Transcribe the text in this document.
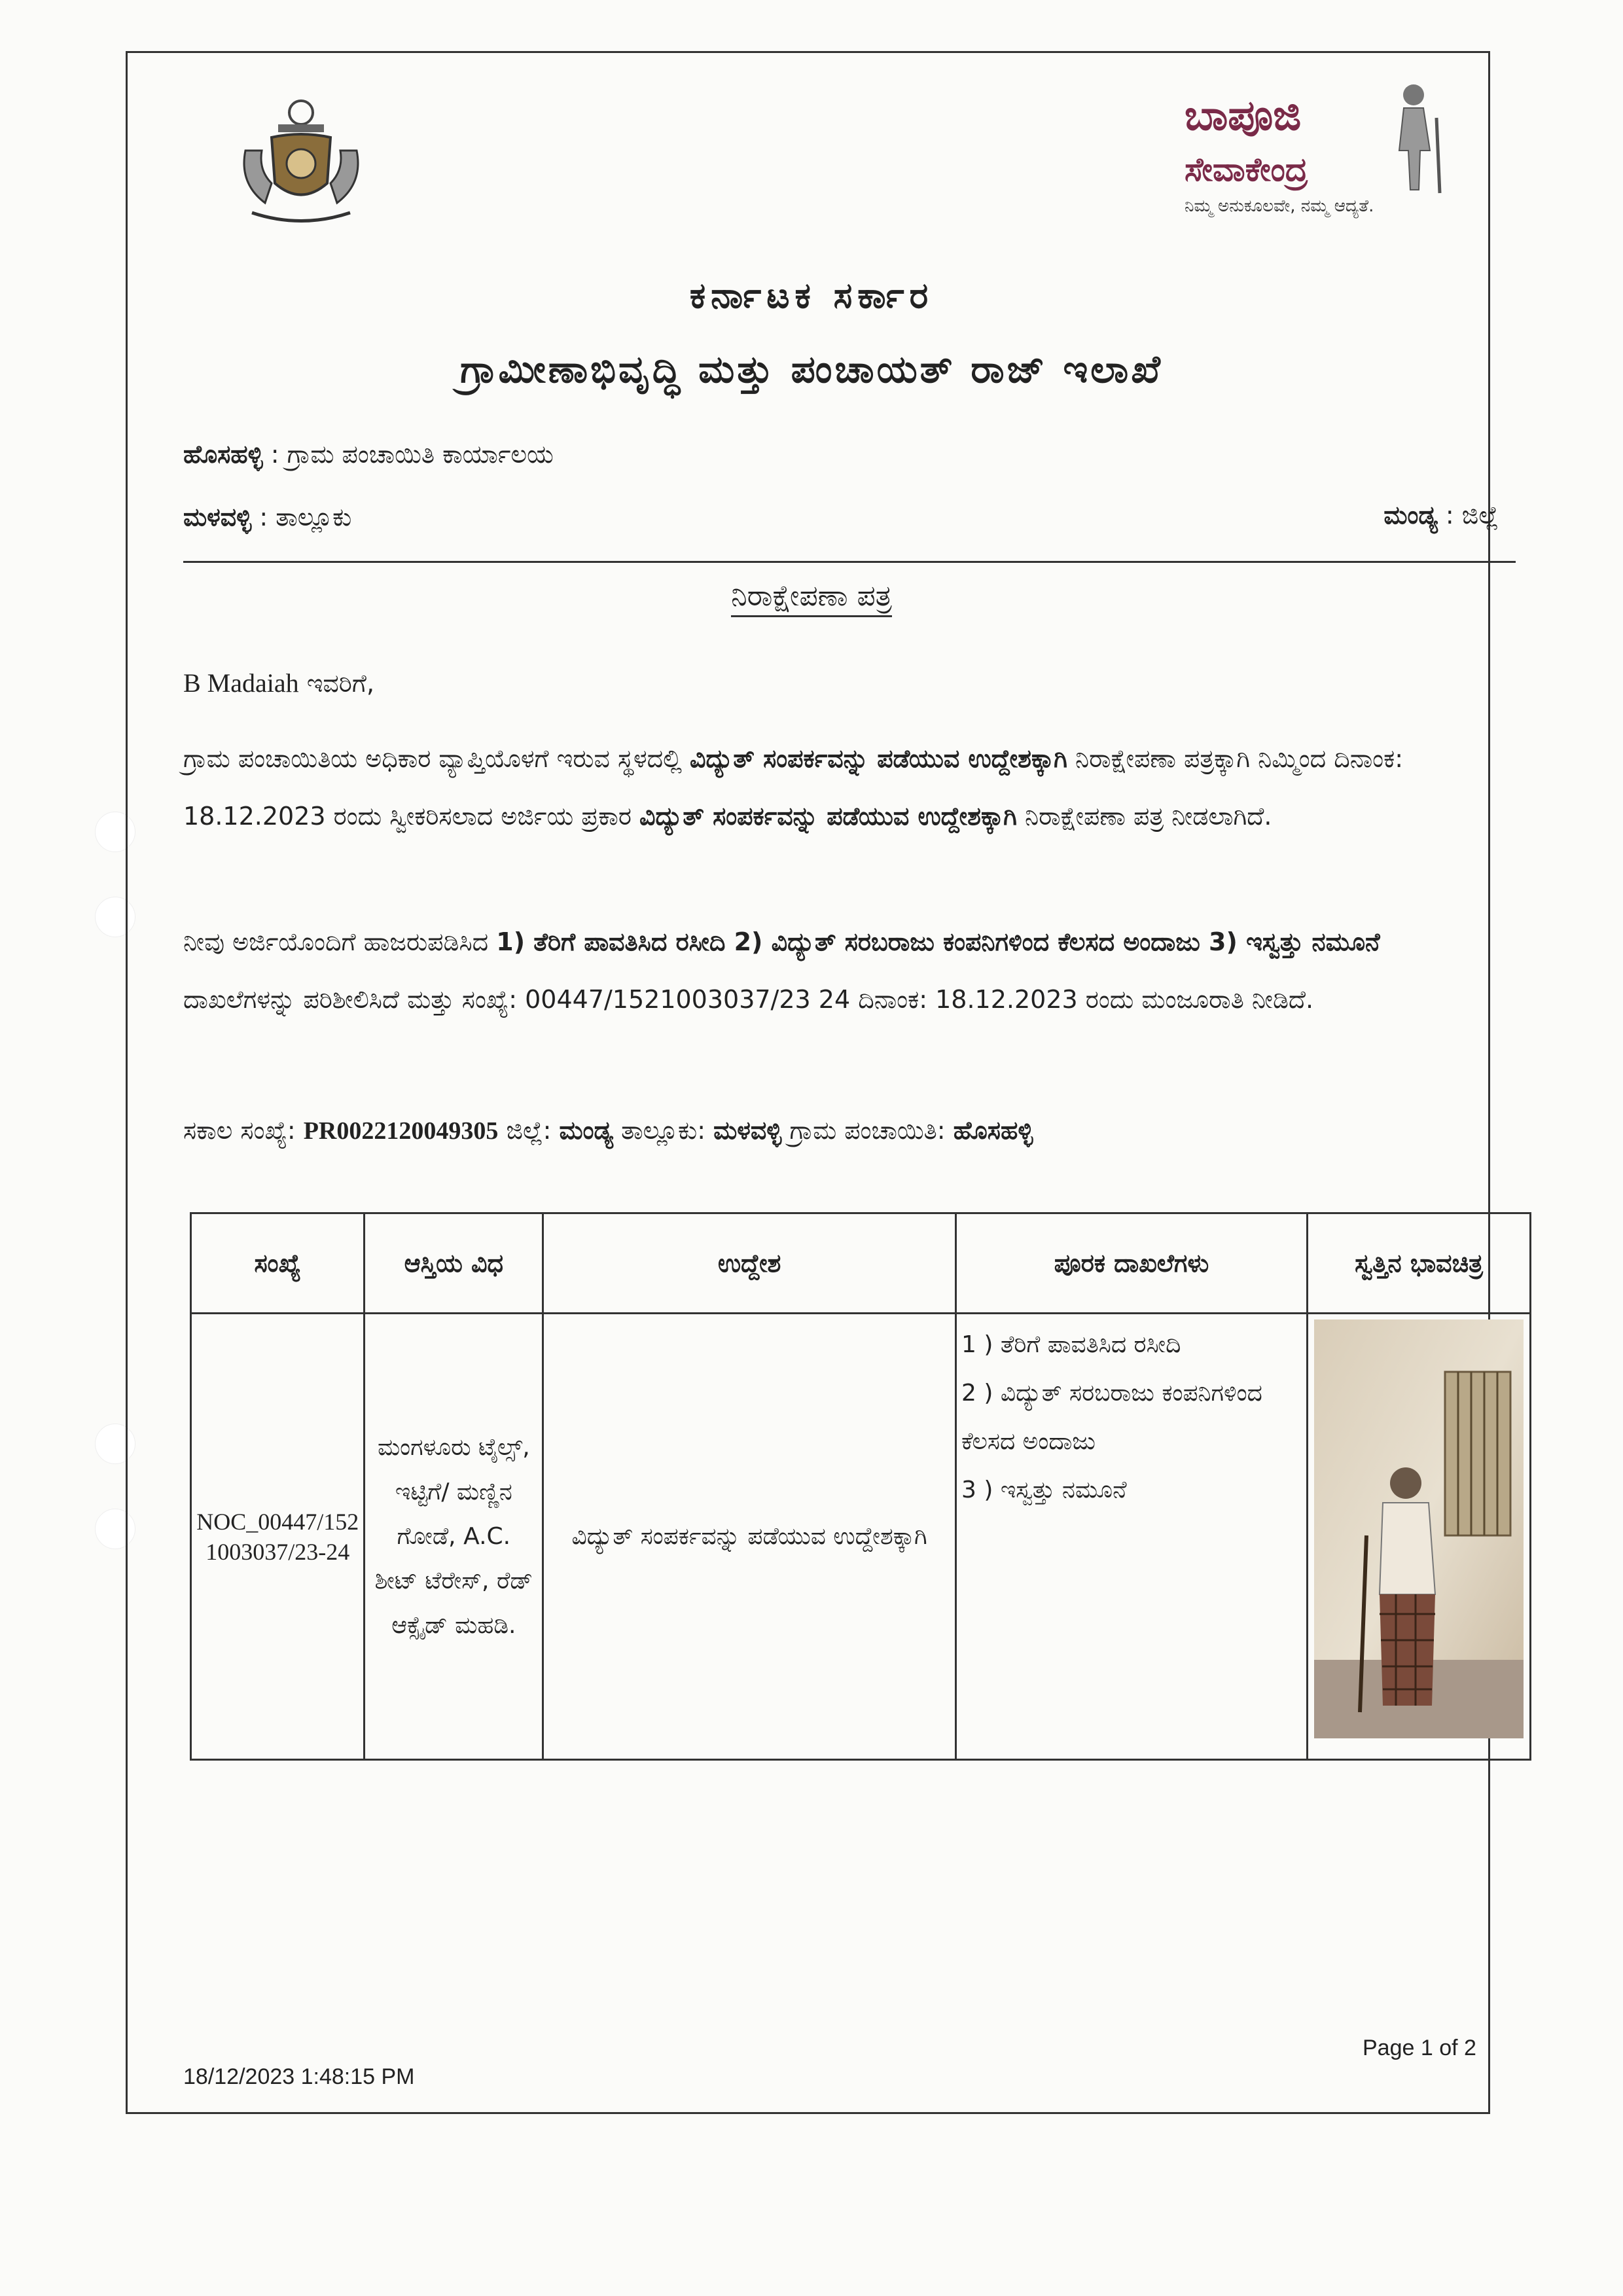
ಬಾಪೂಜಿ
ಸೇವಾಕೇಂದ್ರ
ನಿಮ್ಮ ಅನುಕೂಲವೇ, ನಮ್ಮ ಆದ್ಯತೆ.
ಕರ್ನಾಟಕ ಸರ್ಕಾರ
ಗ್ರಾಮೀಣಾಭಿವೃದ್ಧಿ ಮತ್ತು ಪಂಚಾಯತ್ ರಾಜ್ ಇಲಾಖೆ
ಹೊಸಹಳ್ಳಿ : ಗ್ರಾಮ ಪಂಚಾಯಿತಿ ಕಾರ್ಯಾಲಯ
ಮಳವಳ್ಳಿ : ತಾಲ್ಲೂಕು	ಮಂಡ್ಯ : ಜಿಲ್ಲೆ
ನಿರಾಕ್ಷೇಪಣಾ ಪತ್ರ
B Madaiah ಇವರಿಗೆ,
ಗ್ರಾಮ ಪಂಚಾಯಿತಿಯ ಅಧಿಕಾರ ವ್ಯಾಪ್ತಿಯೊಳಗೆ ಇರುವ ಸ್ಥಳದಲ್ಲಿ ವಿದ್ಯುತ್ ಸಂಪರ್ಕವನ್ನು ಪಡೆಯುವ ಉದ್ದೇಶಕ್ಕಾಗಿ ನಿರಾಕ್ಷೇಪಣಾ ಪತ್ರಕ್ಕಾಗಿ ನಿಮ್ಮಿಂದ ದಿನಾಂಕ: 18.12.2023 ರಂದು ಸ್ವೀಕರಿಸಲಾದ ಅರ್ಜಿಯ ಪ್ರಕಾರ ವಿದ್ಯುತ್ ಸಂಪರ್ಕವನ್ನು ಪಡೆಯುವ ಉದ್ದೇಶಕ್ಕಾಗಿ ನಿರಾಕ್ಷೇಪಣಾ ಪತ್ರ ನೀಡಲಾಗಿದೆ.
ನೀವು ಅರ್ಜಿಯೊಂದಿಗೆ ಹಾಜರುಪಡಿಸಿದ 1) ತೆರಿಗೆ ಪಾವತಿಸಿದ ರಸೀದಿ 2) ವಿದ್ಯುತ್ ಸರಬರಾಜು ಕಂಪನಿಗಳಿಂದ ಕೆಲಸದ ಅಂದಾಜು 3) ಇಸ್ವತ್ತು ನಮೂನೆ ದಾಖಲೆಗಳನ್ನು ಪರಿಶೀಲಿಸಿದೆ ಮತ್ತು ಸಂಖ್ಯೆ: 00447/1521003037/23 24 ದಿನಾಂಕ: 18.12.2023 ರಂದು ಮಂಜೂರಾತಿ ನೀಡಿದೆ.
ಸಕಾಲ ಸಂಖ್ಯೆ: PR0022120049305 ಜಿಲ್ಲೆ: ಮಂಡ್ಯ ತಾಲ್ಲೂಕು: ಮಳವಳ್ಳಿ ಗ್ರಾಮ ಪಂಚಾಯಿತಿ: ಹೊಸಹಳ್ಳಿ
ಸಂಖ್ಯೆ	ಆಸ್ತಿಯ ವಿಧ	ಉದ್ದೇಶ	ಪೂರಕ ದಾಖಲೆಗಳು	ಸ್ವತ್ತಿನ ಭಾವಚಿತ್ರ
NOC_00447/1521003037/23-24	ಮಂಗಳೂರು ಟೈಲ್ಸ್, ಇಟ್ಟಿಗೆ/ ಮಣ್ಣಿನ ಗೋಡೆ, A.C. ಶೀಟ್ ಟೆರೇಸ್, ರೆಡ್ ಆಕ್ಸೈಡ್ ಮಹಡಿ.	ವಿದ್ಯುತ್ ಸಂಪರ್ಕವನ್ನು ಪಡೆಯುವ ಉದ್ದೇಶಕ್ಕಾಗಿ	1 ) ತೆರಿಗೆ ಪಾವತಿಸಿದ ರಸೀದಿ
2 ) ವಿದ್ಯುತ್ ಸರಬರಾಜು ಕಂಪನಿಗಳಿಂದ ಕೆಲಸದ ಅಂದಾಜು
3 ) ಇಸ್ವತ್ತು ನಮೂನೆ

18/12/2023 1:48:15 PM
Page 1 of 2
